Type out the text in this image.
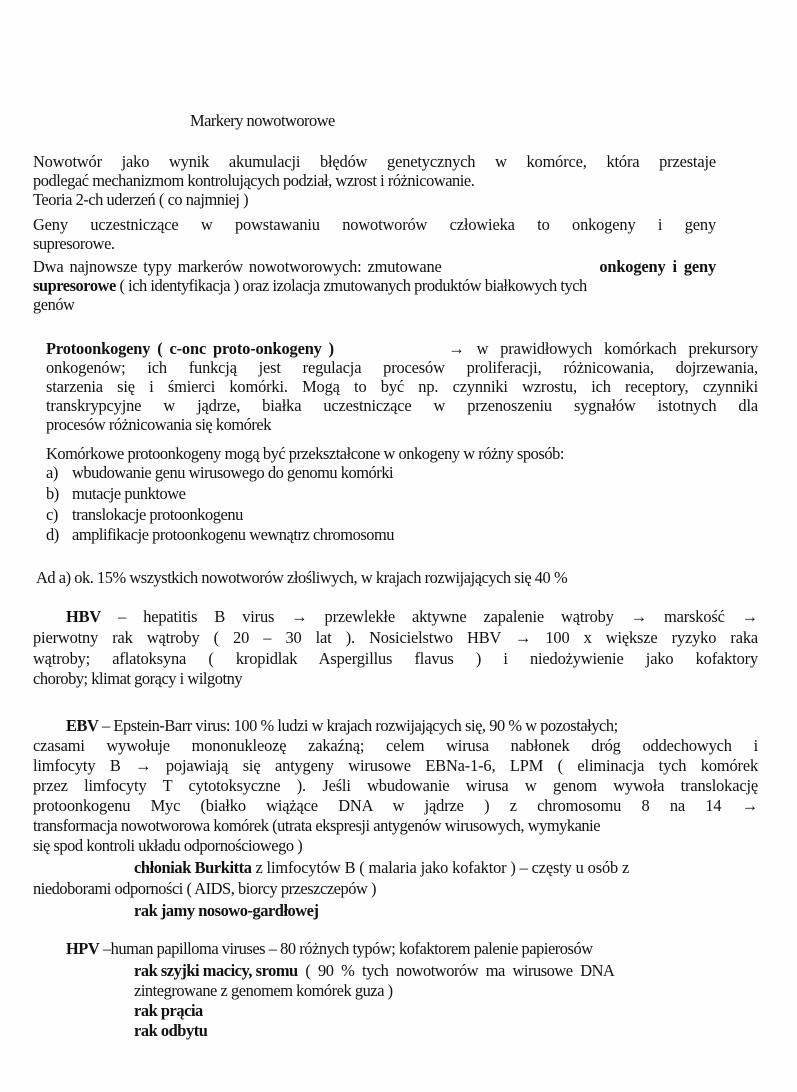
Markery nowotworowe
Nowotwór jako wynik akumulacji błędów genetycznych w komórce, która przestaje
podlegać mechanizmom kontrolujących podział, wzrost i różnicowanie.
Teoria 2-ch uderzeń ( co najmniej )
Geny uczestniczące w powstawaniu nowotworów człowieka to onkogeny i geny
supresorowe.
Dwa najnowsze typy markerów nowotworowych: zmutowane	onkogeny i geny
supresorowe ( ich identyfikacja ) oraz izolacja zmutowanych produktów białkowych tych
genów
Protoonkogeny ( c-onc proto-onkogeny )	→ w prawidłowych komórkach prekursory
onkogenów; ich funkcją jest regulacja procesów proliferacji, różnicowania, dojrzewania,
starzenia się i śmierci komórki. Mogą to być np. czynniki wzrostu, ich receptory, czynniki
transkrypcyjne w jądrze, białka uczestniczące w przenoszeniu sygnałów istotnych dla
procesów różnicowania się komórek
Komórkowe protoonkogeny mogą być przekształcone w onkogeny w różny sposób:
a) wbudowanie genu wirusowego do genomu komórki
b) mutacje punktowe
c) translokacje protoonkogenu
d) amplifikacje protoonkogenu wewnątrz chromosomu
Ad a) ok. 15% wszystkich nowotworów złośliwych, w krajach rozwijających się 40 %
HBV – hepatitis B virus → przewlekłe aktywne zapalenie wątroby → marskość →
pierwotny rak wątroby ( 20 – 30 lat ). Nosicielstwo HBV → 100 x większe ryzyko raka
wątroby; aflatoksyna ( kropidlak Aspergillus flavus ) i niedożywienie jako kofaktory
choroby; klimat gorący i wilgotny
EBV – Epstein-Barr virus: 100 % ludzi w krajach rozwijających się, 90 % w pozostałych;
czasami wywołuje mononukleozę zakaźną; celem wirusa nabłonek dróg oddechowych i
limfocyty B → pojawiają się antygeny wirusowe EBNa-1-6, LPM ( eliminacja tych komórek
przez limfocyty T cytotoksyczne ). Jeśli wbudowanie wirusa w genom wywoła translokację
protoonkogenu Myc (białko wiążące DNA w jądrze ) z chromosomu 8 na 14 →
transformacja nowotworowa komórek (utrata ekspresji antygenów wirusowych, wymykanie
się spod kontroli układu odpornościowego )
chłoniak Burkitta z limfocytów B ( malaria jako kofaktor ) – częsty u osób z
niedoborami odporności ( AIDS, biorcy przeszczepów )
rak jamy nosowo-gardłowej
HPV –human papilloma viruses – 80 różnych typów; kofaktorem palenie papierosów
rak szyjki macicy, sromu ( 90 % tych nowotworów ma wirusowe DNA
zintegrowane z genomem komórek guza )
rak prącia
rak odbytu
